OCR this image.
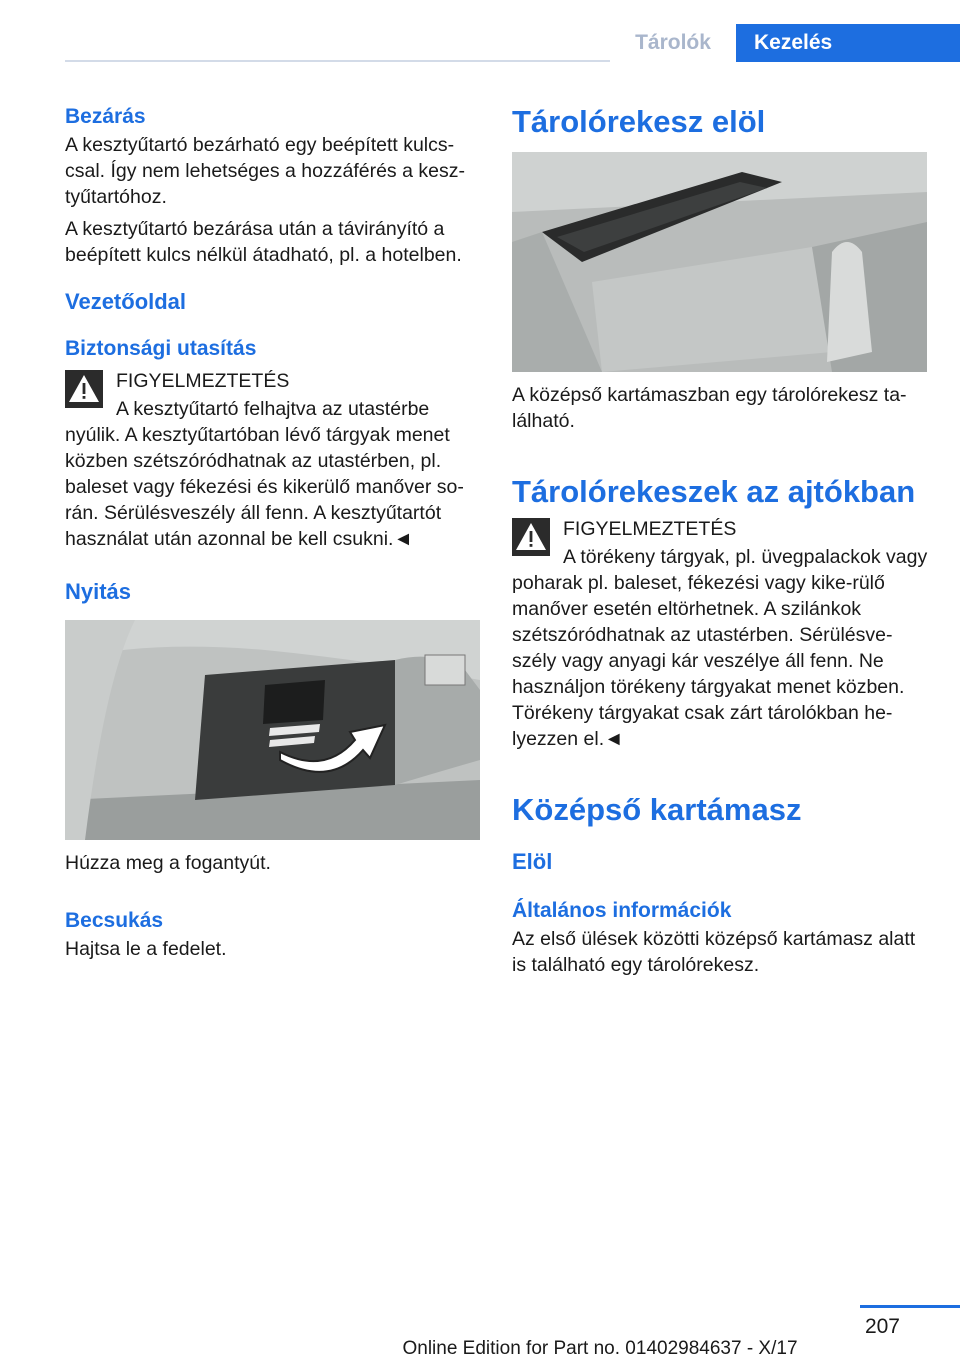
Tárolók	Kezelés

Bezárás

A kesztyűtartó bezárható egy beépített kulcs-csal. Így nem lehetséges a hozzáférés a kesz-tyűtartóhoz.

A kesztyűtartó bezárása után a távirányító a beépített kulcs nélkül átadható, pl. a hotelben.

Vezetőoldal

Biztonsági utasítás

FIGYELMEZTETÉS
A kesztyűtartó felhajtva az utastérbe nyúlik. A kesztyűtartóban lévő tárgyak menet közben szétszóródhatnak az utastérben, pl. baleset vagy fékezési és kikerülő manőver so-rán. Sérülésveszély áll fenn. A kesztyűtartót használat után azonnal be kell csukni.◄

Nyitás

Húzza meg a fogantyút.

Becsukás

Hajtsa le a fedelet.

Tárolórekesz elöl

A középső kartámaszban egy tárolórekesz ta-lálható.

Tárolórekeszek az ajtókban

FIGYELMEZTETÉS
A törékeny tárgyak, pl. üvegpalackok vagy poharak pl. baleset, fékezési vagy kike-rülő manőver esetén eltörhetnek. A szilánkok szétszóródhatnak az utastérben. Sérülésve-szély vagy anyagi kár veszélye áll fenn. Ne használjon törékeny tárgyakat menet közben. Törékeny tárgyakat csak zárt tárolókban he-lyezzen el.◄

Középső kartámasz

Elöl

Általános információk

Az első ülések közötti középső kartámasz alatt is található egy tárolórekesz.

207
Online Edition for Part no. 01402984637 - X/17
